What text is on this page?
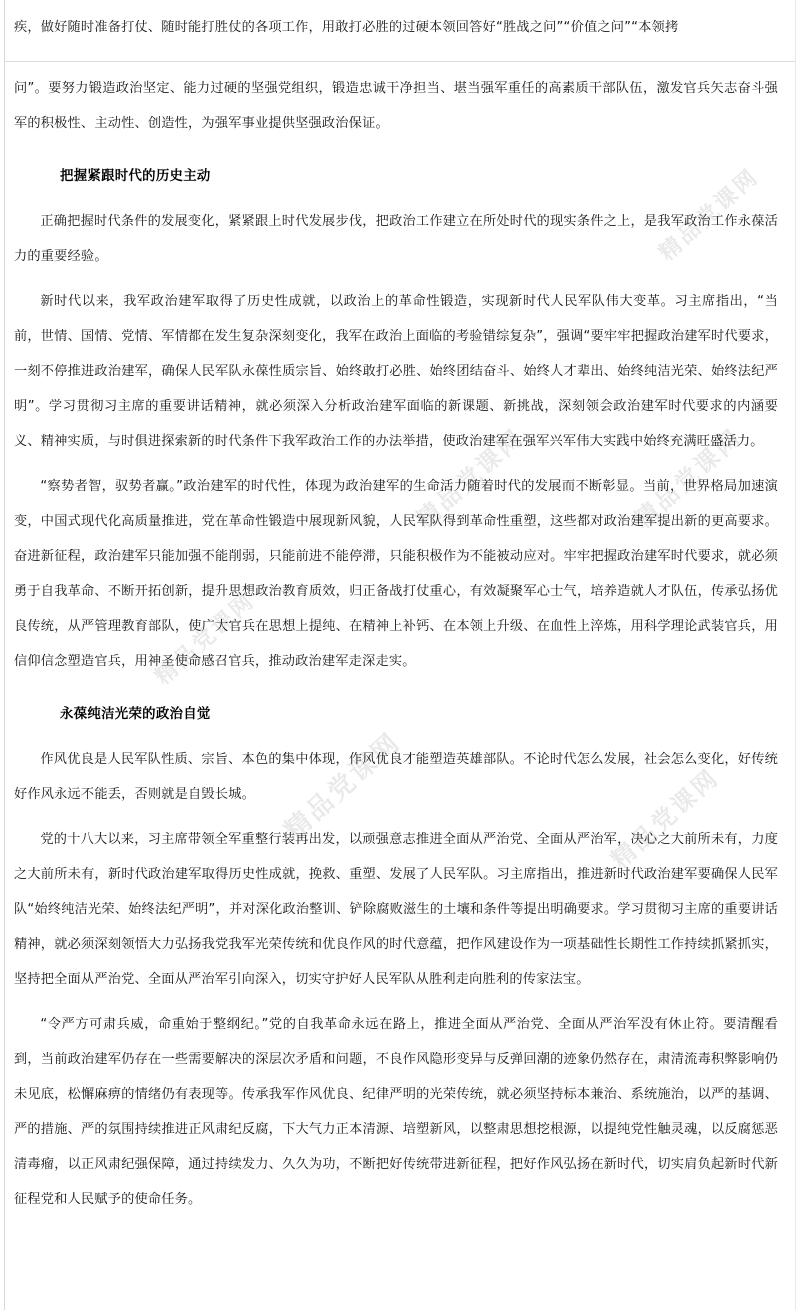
精品党课网	精品党课网
精品党课网	精品党课网
精品党课网
精品党课网

疾，做好随时准备打仗、随时能打胜仗的各项工作，用敢打必胜的过硬本领回答好“胜战之问”“价值之问”“本领拷

问”。要努力锻造政治坚定、能力过硬的坚强党组织，锻造忠诚干净担当、堪当强军重任的高素质干部队伍，激发官兵矢志奋斗强军的积极性、主动性、创造性，为强军事业提供坚强政治保证。

把握紧跟时代的历史主动

正确把握时代条件的发展变化，紧紧跟上时代发展步伐，把政治工作建立在所处时代的现实条件之上，是我军政治工作永葆活力的重要经验。

新时代以来，我军政治建军取得了历史性成就，以政治上的革命性锻造，实现新时代人民军队伟大变革。习主席指出，“当前，世情、国情、党情、军情都在发生复杂深刻变化，我军在政治上面临的考验错综复杂”，强调“要牢牢把握政治建军时代要求，一刻不停推进政治建军，确保人民军队永葆性质宗旨、始终敢打必胜、始终团结奋斗、始终人才辈出、始终纯洁光荣、始终法纪严明”。学习贯彻习主席的重要讲话精神，就必须深入分析政治建军面临的新课题、新挑战，深刻领会政治建军时代要求的内涵要义、精神实质，与时俱进探索新的时代条件下我军政治工作的办法举措，使政治建军在强军兴军伟大实践中始终充满旺盛活力。

“察势者智，驭势者赢。”政治建军的时代性，体现为政治建军的生命活力随着时代的发展而不断彰显。当前，世界格局加速演变，中国式现代化高质量推进，党在革命性锻造中展现新风貌，人民军队得到革命性重塑，这些都对政治建军提出新的更高要求。奋进新征程，政治建军只能加强不能削弱，只能前进不能停滞，只能积极作为不能被动应对。牢牢把握政治建军时代要求，就必须勇于自我革命、不断开拓创新，提升思想政治教育质效，归正备战打仗重心，有效凝聚军心士气，培养造就人才队伍，传承弘扬优良传统，从严管理教育部队，使广大官兵在思想上提纯、在精神上补钙、在本领上升级、在血性上淬炼，用科学理论武装官兵，用信仰信念塑造官兵，用神圣使命感召官兵，推动政治建军走深走实。

永葆纯洁光荣的政治自觉

作风优良是人民军队性质、宗旨、本色的集中体现，作风优良才能塑造英雄部队。不论时代怎么发展，社会怎么变化，好传统好作风永远不能丢，否则就是自毁长城。

党的十八大以来，习主席带领全军重整行装再出发，以顽强意志推进全面从严治党、全面从严治军，决心之大前所未有，力度之大前所未有，新时代政治建军取得历史性成就，挽救、重塑、发展了人民军队。习主席指出，推进新时代政治建军要确保人民军队“始终纯洁光荣、始终法纪严明”，并对深化政治整训、铲除腐败滋生的土壤和条件等提出明确要求。学习贯彻习主席的重要讲话精神，就必须深刻领悟大力弘扬我党我军光荣传统和优良作风的时代意蕴，把作风建设作为一项基础性长期性工作持续抓紧抓实，坚持把全面从严治党、全面从严治军引向深入，切实守护好人民军队从胜利走向胜利的传家法宝。

“令严方可肃兵威，命重始于整纲纪。”党的自我革命永远在路上，推进全面从严治党、全面从严治军没有休止符。要清醒看到，当前政治建军仍存在一些需要解决的深层次矛盾和问题，不良作风隐形变异与反弹回潮的迹象仍然存在，肃清流毒积弊影响仍未见底，松懈麻痹的情绪仍有表现等。传承我军作风优良、纪律严明的光荣传统，就必须坚持标本兼治、系统施治，以严的基调、严的措施、严的氛围持续推进正风肃纪反腐，下大气力正本清源、培塑新风，以整肃思想挖根源，以提纯党性触灵魂，以反腐惩恶清毒瘤，以正风肃纪强保障，通过持续发力、久久为功，不断把好传统带进新征程，把好作风弘扬在新时代，切实肩负起新时代新征程党和人民赋予的使命任务。
